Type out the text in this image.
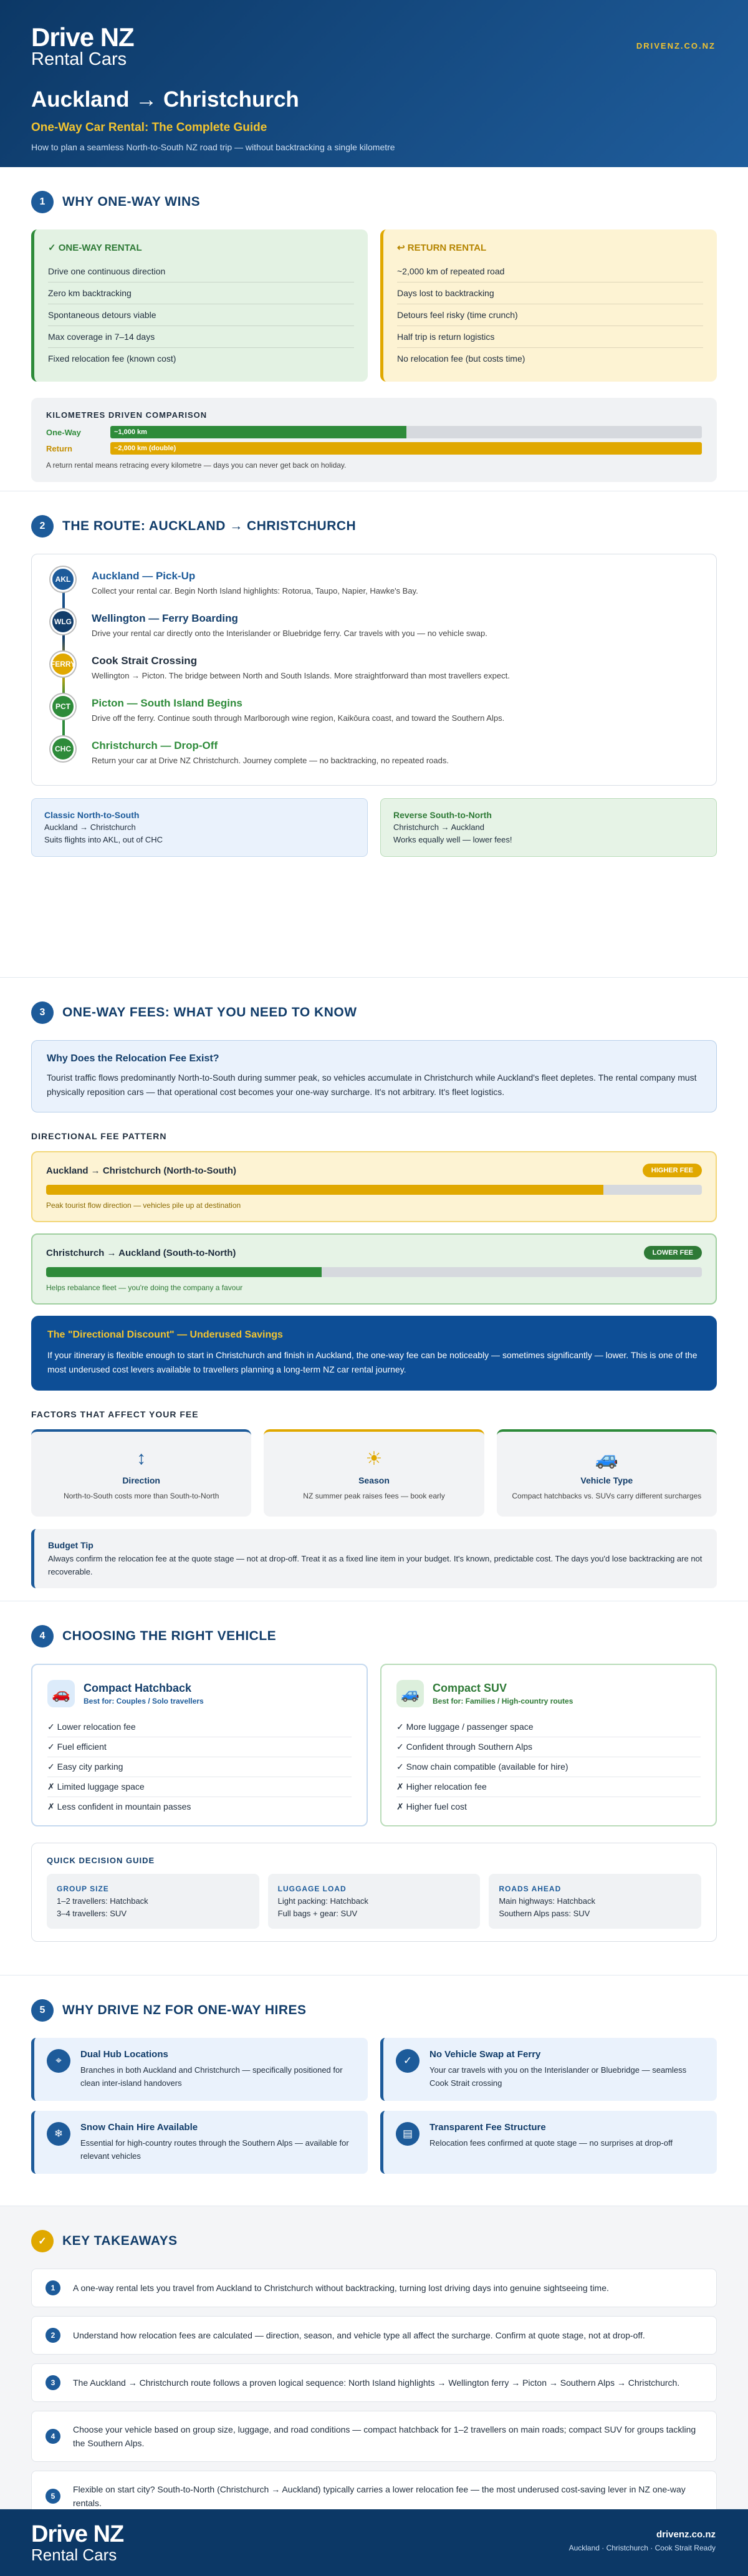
Drive NZ
Rental Cars
DRIVENZ.CO.NZ
Auckland → Christchurch
One-Way Car Rental: The Complete Guide
How to plan a seamless North-to-South NZ road trip — without backtracking a single kilometre
1	WHY ONE-WAY WINS
✓ ONE-WAY RENTAL
Drive one continuous direction
Zero km backtracking
Spontaneous detours viable
Max coverage in 7–14 days
Fixed relocation fee (known cost)
↩ RETURN RENTAL
~2,000 km of repeated road
Days lost to backtracking
Detours feel risky (time crunch)
Half trip is return logistics
No relocation fee (but costs time)
KILOMETRES DRIVEN COMPARISON
One-Way	~1,000 km
Return	~2,000 km (double)
A return rental means retracing every kilometre — days you can never get back on holiday.
2	THE ROUTE: AUCKLAND → CHRISTCHURCH
AKL	Auckland — Pick-Up
Collect your rental car. Begin North Island highlights: Rotorua, Taupo, Napier, Hawke's Bay.
WLG	Wellington — Ferry Boarding
Drive your rental car directly onto the Interislander or Bluebridge ferry. Car travels with you — no vehicle swap.
FERRY Cook Strait Crossing
Wellington → Picton. The bridge between North and South Islands. More straightforward than most travellers expect.
PCT	Picton — South Island Begins
Drive off the ferry. Continue south through Marlborough wine region, Kaikōura coast, and toward the Southern Alps.
CHC	Christchurch — Drop-Off
Return your car at Drive NZ Christchurch. Journey complete — no backtracking, no repeated roads.
Classic North-to-South
Auckland → Christchurch
Suits flights into AKL, out of CHC
Reverse South-to-North
Christchurch → Auckland
Works equally well — lower fees!
3	ONE-WAY FEES: WHAT YOU NEED TO KNOW
Why Does the Relocation Fee Exist?

Tourist traffic flows predominantly North-to-South during summer peak, so vehicles accumulate in Christchurch while Auckland's fleet depletes. The rental company must physically reposition cars — that operational cost becomes your one-way surcharge. It's not arbitrary. It's fleet logistics.

DIRECTIONAL FEE PATTERN
Auckland → Christchurch (North-to-South)	HIGHER FEE
Peak tourist flow direction — vehicles pile up at destination
Christchurch → Auckland (South-to-North)	LOWER FEE
Helps rebalance fleet — you're doing the company a favour
The "Directional Discount" — Underused Savings

If your itinerary is flexible enough to start in Christchurch and finish in Auckland, the one-way fee can be noticeably — sometimes significantly — lower. This is one of the most underused cost levers available to travellers planning a long-term NZ car rental journey.

FACTORS THAT AFFECT YOUR FEE
↕
Direction
North-to-South costs more than South-to-North
☀
Season
NZ summer peak raises fees — book early
🚙
Vehicle Type
Compact hatchbacks vs. SUVs carry different surcharges
Budget Tip
Always confirm the relocation fee at the quote stage — not at drop-off. Treat it as a fixed line item in your budget. It's known, predictable cost. The days you'd lose backtracking are not recoverable.
4	CHOOSING THE RIGHT VEHICLE
🚗	Compact Hatchback
Best for: Couples / Solo travellers
✓ Lower relocation fee
✓ Fuel efficient
✓ Easy city parking
✗ Limited luggage space
✗ Less confident in mountain passes
🚙	Compact SUV
Best for: Families / High-country routes
✓ More luggage / passenger space
✓ Confident through Southern Alps
✓ Snow chain compatible (available for hire)
✗ Higher relocation fee
✗ Higher fuel cost
QUICK DECISION GUIDE
GROUP SIZE
1–2 travellers: Hatchback
3–4 travellers: SUV
LUGGAGE LOAD
Light packing: Hatchback
Full bags + gear: SUV
ROADS AHEAD
Main highways: Hatchback
Southern Alps pass: SUV
5	WHY DRIVE NZ FOR ONE-WAY HIRES
⌖
Dual Hub Locations
Branches in both Auckland and Christchurch — specifically positioned for clean inter-island handovers
✓
No Vehicle Swap at Ferry
Your car travels with you on the Interislander or Bluebridge — seamless Cook Strait crossing
❄
Snow Chain Hire Available
Essential for high-country routes through the Southern Alps — available for relevant vehicles
▤
Transparent Fee Structure
Relocation fees confirmed at quote stage — no surprises at drop-off
✓	KEY TAKEAWAYS
1	A one-way rental lets you travel from Auckland to Christchurch without backtracking, turning lost driving days into genuine sightseeing time.
2	Understand how relocation fees are calculated — direction, season, and vehicle type all affect the surcharge. Confirm at quote stage, not at drop-off.
3	The Auckland → Christchurch route follows a proven logical sequence: North Island highlights → Wellington ferry → Picton → Southern Alps → Christchurch.
4
Choose your vehicle based on group size, luggage, and road conditions — compact hatchback for 1–2 travellers on main roads; compact SUV for groups tackling the Southern Alps.
5
Flexible on start city? South-to-North (Christchurch → Auckland) typically carries a lower relocation fee — the most underused cost-saving lever in NZ one-way rentals.
Drive NZ
Rental Cars
drivenz.co.nz
Auckland · Christchurch · Cook Strait Ready
